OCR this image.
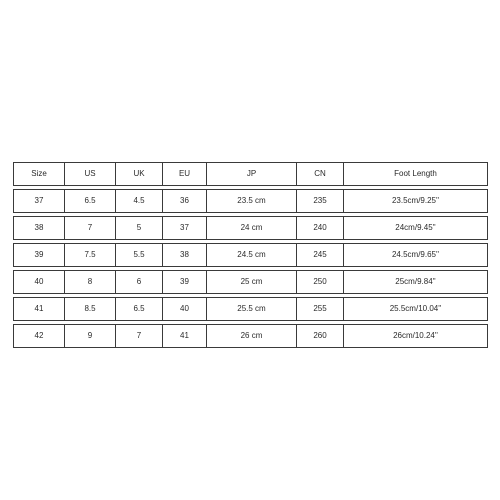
Size	US	UK	EU	JP	CN	Foot Length

37	6.5	4.5	36	23.5 cm	235	23.5cm/9.25''

38	7	5	37	24 cm	240	24cm/9.45''

39	7.5	5.5	38	24.5 cm	245	24.5cm/9.65''

40	8	6	39	25 cm	250	25cm/9.84''

41	8.5	6.5	40	25.5 cm	255	25.5cm/10.04''

42	9	7	41	26 cm	260	26cm/10.24''
